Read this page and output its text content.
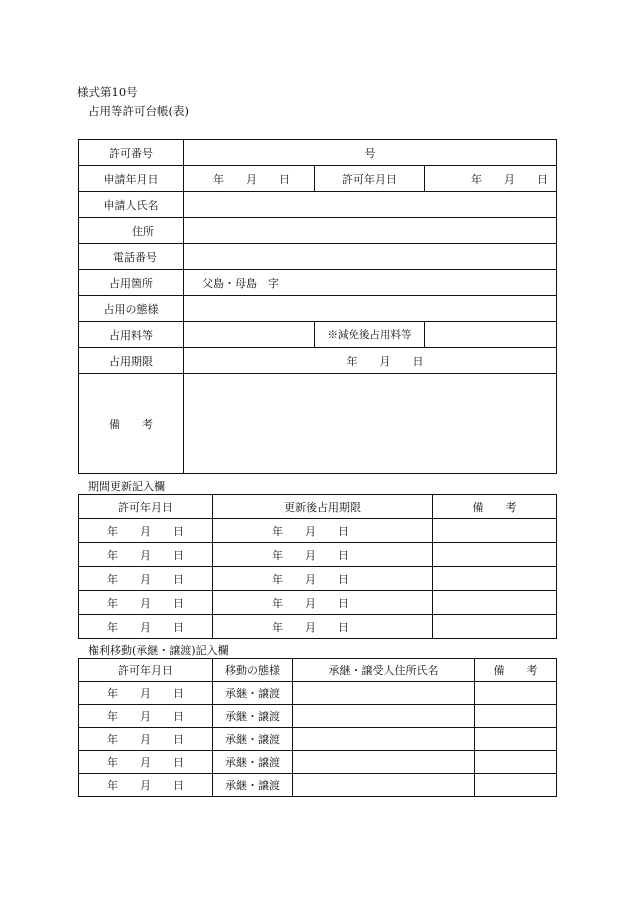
様式第10号
占用等許可台帳(表)
許可番号	号		
申請年月日	年　　月　　日	許可年月日	年　　月　　日
申請人氏名			
住所			
電話番号			
占用箇所	父島・母島　字		
占用の態様			
占用料等		※減免後占用料等	
占用期限	年　　月　　日		
備　　考			
期間更新記入欄
許可年月日	更新後占用期限	備　　考
年　　月　　日	年　　月　　日	
年　　月　　日	年　　月　　日	
年　　月　　日	年　　月　　日	
年　　月　　日	年　　月　　日	
年　　月　　日	年　　月　　日	
権利移動(承継・譲渡)記入欄
許可年月日	移動の態様	承継・譲受人住所氏名	備　　考
年　　月　　日	承継・譲渡		
年　　月　　日	承継・譲渡		
年　　月　　日	承継・譲渡		
年　　月　　日	承継・譲渡		
年　　月　　日	承継・譲渡		
